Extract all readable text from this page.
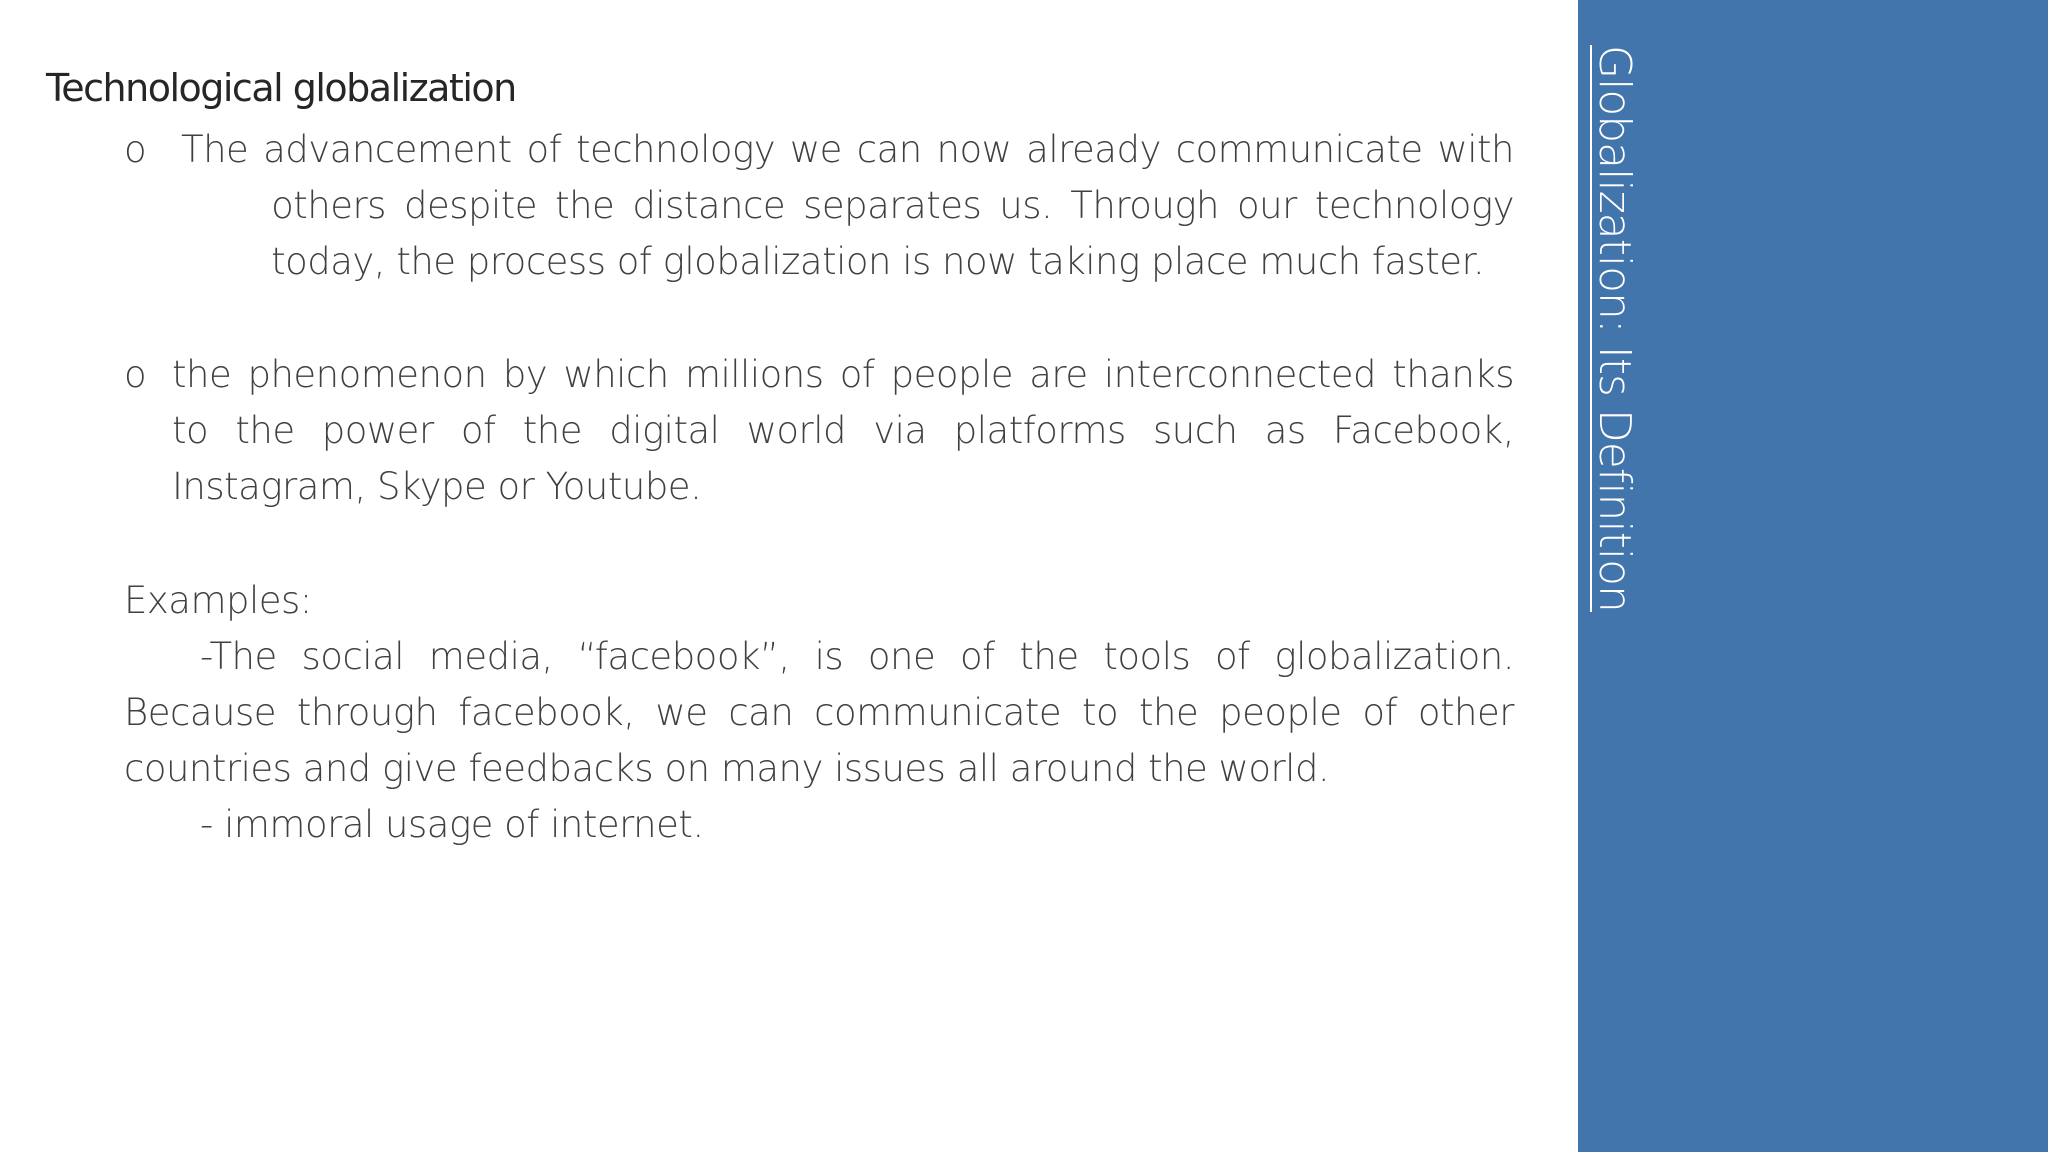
Technological globalization
o The advancement of technology we can now already communicate with      others despite the distance separates us. Through our technology         today, the process of globalization is now taking place much faster.
o the phenomenon by which millions of people are interconnected thanks to the power of the digital world via platforms such as Facebook, Instagram, Skype or Youtube.
Examples:
-The social media, “facebook”, is one of the tools of globalization. Because through facebook, we can communicate to the people of other countries and give feedbacks on many issues all around the world.
- immoral usage of internet.
Globalization: Its Definition
